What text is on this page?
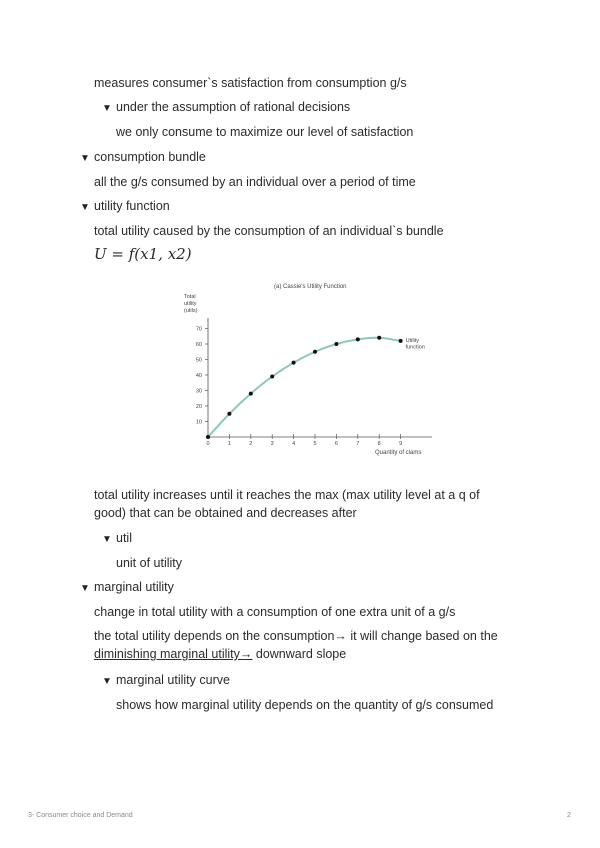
measures consumer`s satisfaction from consumption g/s
▼ under the assumption of rational decisions
we only consume to maximize our level of satisfaction
▼ consumption bundle
all the g/s consumed by an individual over a period of time
▼ utility function
total utility caused by the consumption of an individual`s bundle
U = f(x1, x2)
(a) Cassie's Utility Function
Total
utility
(utils)
10
20
30
40
50
60
70
0	1	2	3	4	5	6	7	8	9
Utility
function
Quantity of clams
total utility increases until it reaches the max (max utility level at a q of
good) that can be obtained and decreases after
▼ util
unit of utility
▼ marginal utility
change in total utility with a consumption of one extra unit of a g/s
the total utility depends on the consumption→ it will change based on the
diminishing marginal utility→ downward slope
▼ marginal utility curve
shows how marginal utility depends on the quantity of g/s consumed
3- Consumer choice and Demand	2
